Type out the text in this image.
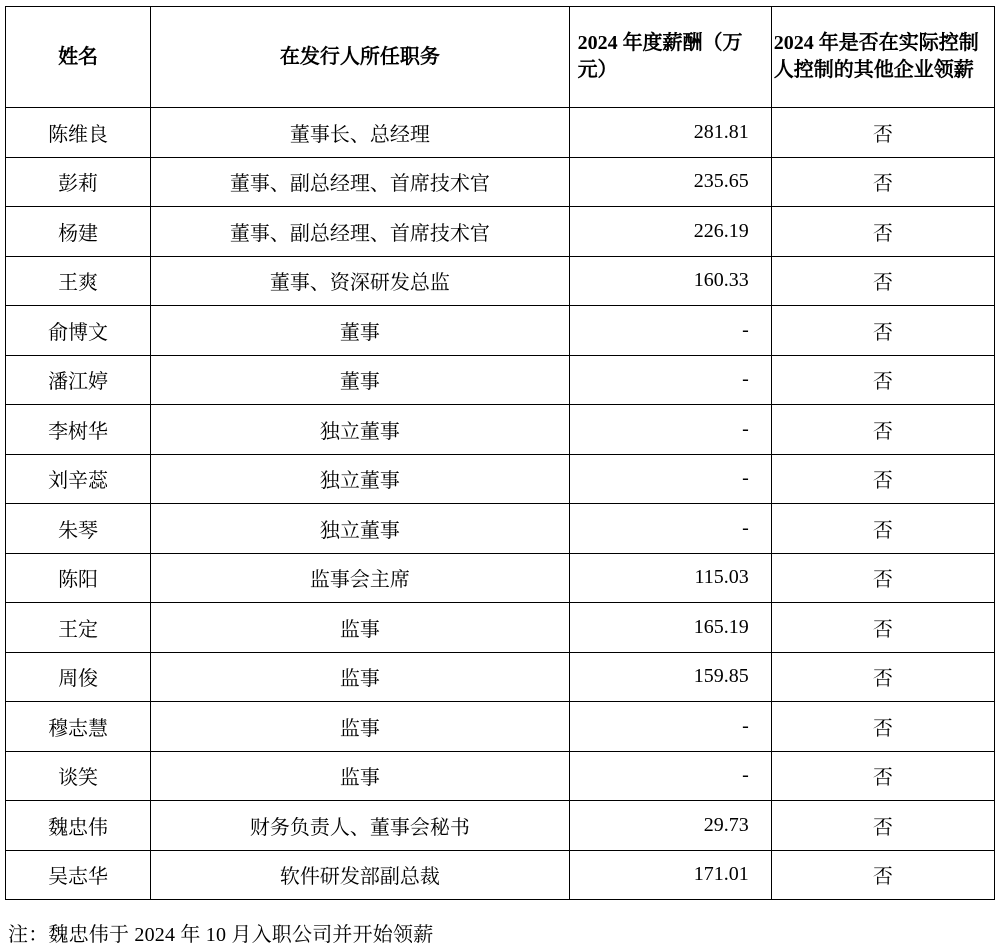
姓名	在发行人所任职务	2024 年度薪酬（万元）	2024 年是否在实际控制人控制的其他企业领薪

陈维良	董事长、总经理	281.81	否
彭莉	董事、副总经理、首席技术官	235.65	否
杨建	董事、副总经理、首席技术官	226.19	否
王爽	董事、资深研发总监	160.33	否
俞博文	董事	-	否
潘江婷	董事	-	否
李树华	独立董事	-	否
刘辛蕊	独立董事	-	否
朱琴	独立董事	-	否
陈阳	监事会主席	115.03	否
王定	监事	165.19	否
周俊	监事	159.85	否
穆志慧	监事	-	否
谈笑	监事	-	否
魏忠伟	财务负责人、董事会秘书	29.73	否
吴志华	软件研发部副总裁	171.01	否
注：魏忠伟于 2024 年 10 月入职公司并开始领薪
